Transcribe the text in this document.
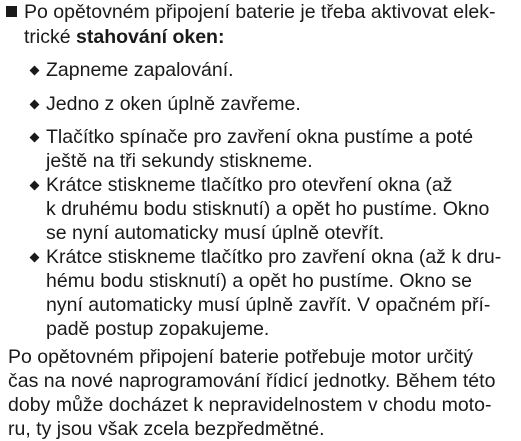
Po opětovném připojení baterie je třeba aktivovat elek-
trické stahování oken:
Zapneme zapalování.
Jedno z oken úplně zavřeme.
Tlačítko spínače pro zavření okna pustíme a poté
ještě na tři sekundy stiskneme.
Krátce stiskneme tlačítko pro otevření okna (až
k druhému bodu stisknutí) a opět ho pustíme. Okno
se nyní automaticky musí úplně otevřít.
Krátce stiskneme tlačítko pro zavření okna (až k dru-
hému bodu stisknutí) a opět ho pustíme. Okno se
nyní automaticky musí úplně zavřít. V opačném pří-
padě postup zopakujeme.
Po opětovném připojení baterie potřebuje motor určitý
čas na nové naprogramování řídicí jednotky. Během této
doby může docházet k nepravidelnostem v chodu moto-
ru, ty jsou však zcela bezpředmětné.
